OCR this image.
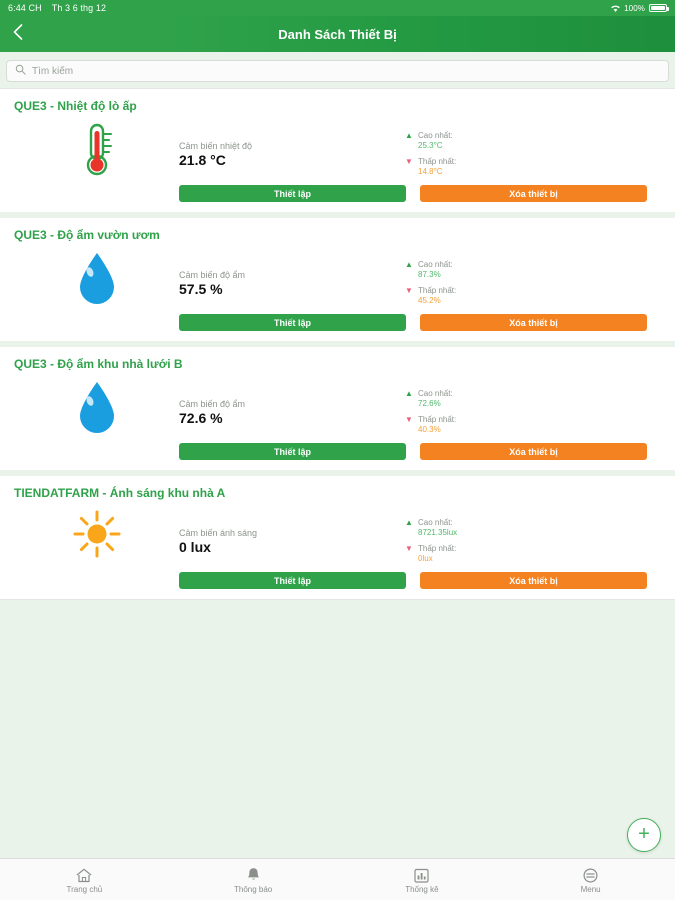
6:44 CH Th 3 6 thg 12	100%
Danh Sách Thiết Bị
Tìm kiếm
QUE3 - Nhiệt độ lò ấp
Cảm biến nhiệt độ
21.8 °C
▲ Cao nhất:
25.3°C
▼ Thấp nhất:
14.8°C
Thiết lập	Xóa thiết bị
QUE3 - Độ ẩm vườn ươm
Cảm biến độ ẩm
57.5 %
▲ Cao nhất:
87.3%
▼ Thấp nhất:
45.2%
Thiết lập	Xóa thiết bị
QUE3 - Độ ẩm khu nhà lưới B
Cảm biến độ ẩm
72.6 %
▲ Cao nhất:
72.6%
▼ Thấp nhất:
40.3%
Thiết lập	Xóa thiết bị
TIENDATFARM - Ánh sáng khu nhà A
Cảm biến ánh sáng
0 lux
▲ Cao nhất:
8721.35lux
▼ Thấp nhất:
0lux
Thiết lập	Xóa thiết bị
+
Trang chủ	Thông báo	Thống kê	Menu
